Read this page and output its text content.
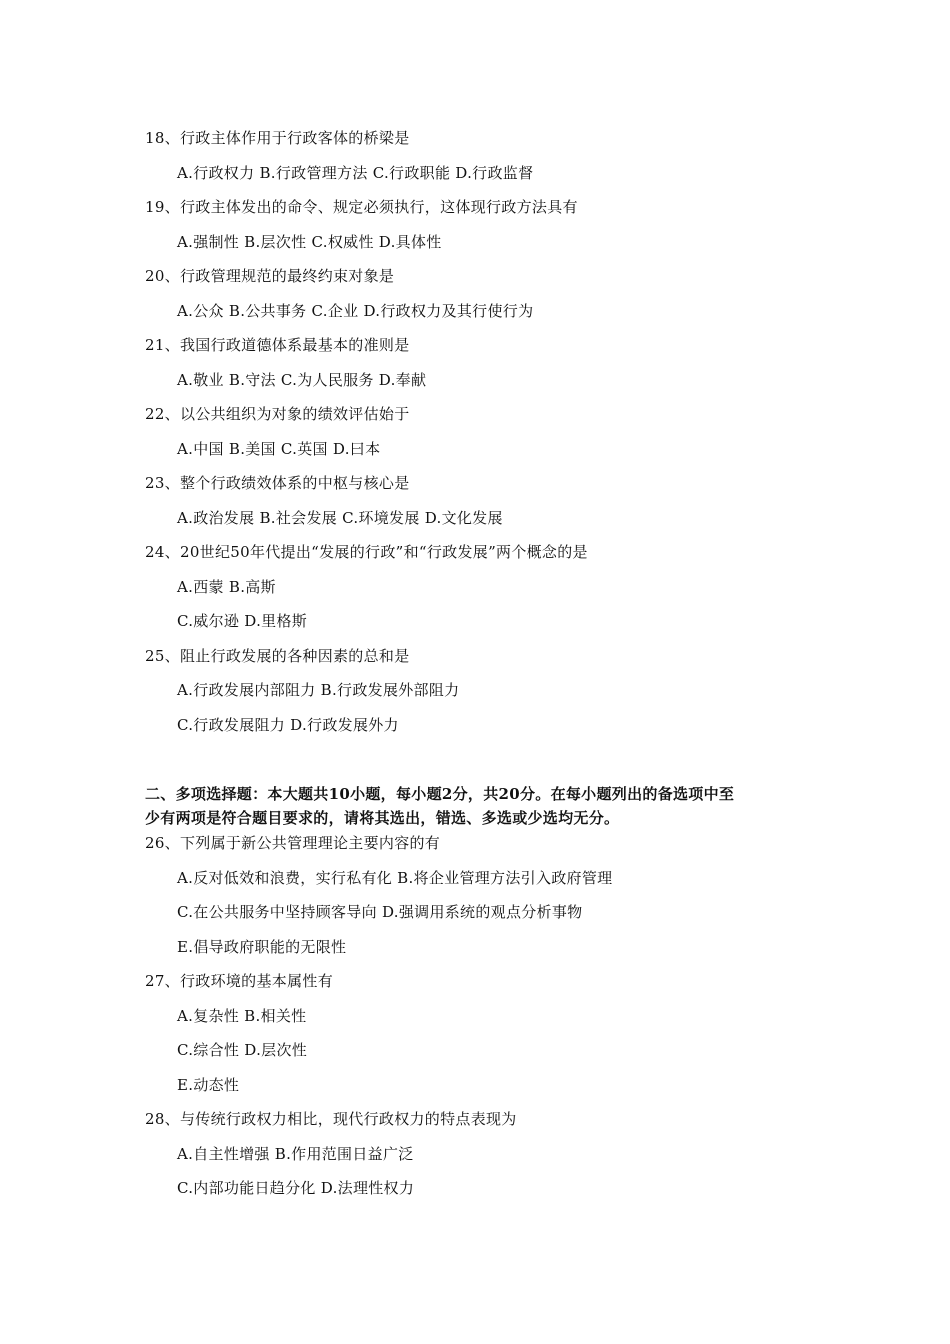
18、行政主体作用于行政客体的桥梁是
A.行政权力 B.行政管理方法 C.行政职能 D.行政监督
19、行政主体发出的命令、规定必须执行，这体现行政方法具有
A.强制性 B.层次性 C.权威性 D.具体性
20、行政管理规范的最终约束对象是
A.公众 B.公共事务 C.企业 D.行政权力及其行使行为
21、我国行政道德体系最基本的准则是
A.敬业 B.守法 C.为人民服务 D.奉献
22、以公共组织为对象的绩效评估始于
A.中国 B.美国 C.英国 D.曰本
23、整个行政绩效体系的中枢与核心是
A.政治发展 B.社会发展 C.环境发展 D.文化发展
24、20世纪50年代提出“发展的行政”和“行政发展”两个概念的是
A.西蒙 B.高斯
C.威尔逊 D.里格斯
25、阻止行政发展的各种因素的总和是
A.行政发展内部阻力 B.行政发展外部阻力
C.行政发展阻力 D.行政发展外力
二、多项选择题：本大题共10小题，每小题2分，共20分。在每小题列出的备选项中至
少有两项是符合题目要求的，请将其选出，错选、多选或少选均无分。
26、下列属于新公共管理理论主要内容的有
A.反对低效和浪费，实行私有化 B.将企业管理方法引入政府管理
C.在公共服务中坚持顾客导向 D.强调用系统的观点分析事物
E.倡导政府职能的无限性
27、行政环境的基本属性有
A.复杂性 B.相关性
C.综合性 D.层次性
E.动态性
28、与传统行政权力相比，现代行政权力的特点表现为
A.自主性增强 B.作用范围日益广泛
C.内部功能日趋分化 D.法理性权力
